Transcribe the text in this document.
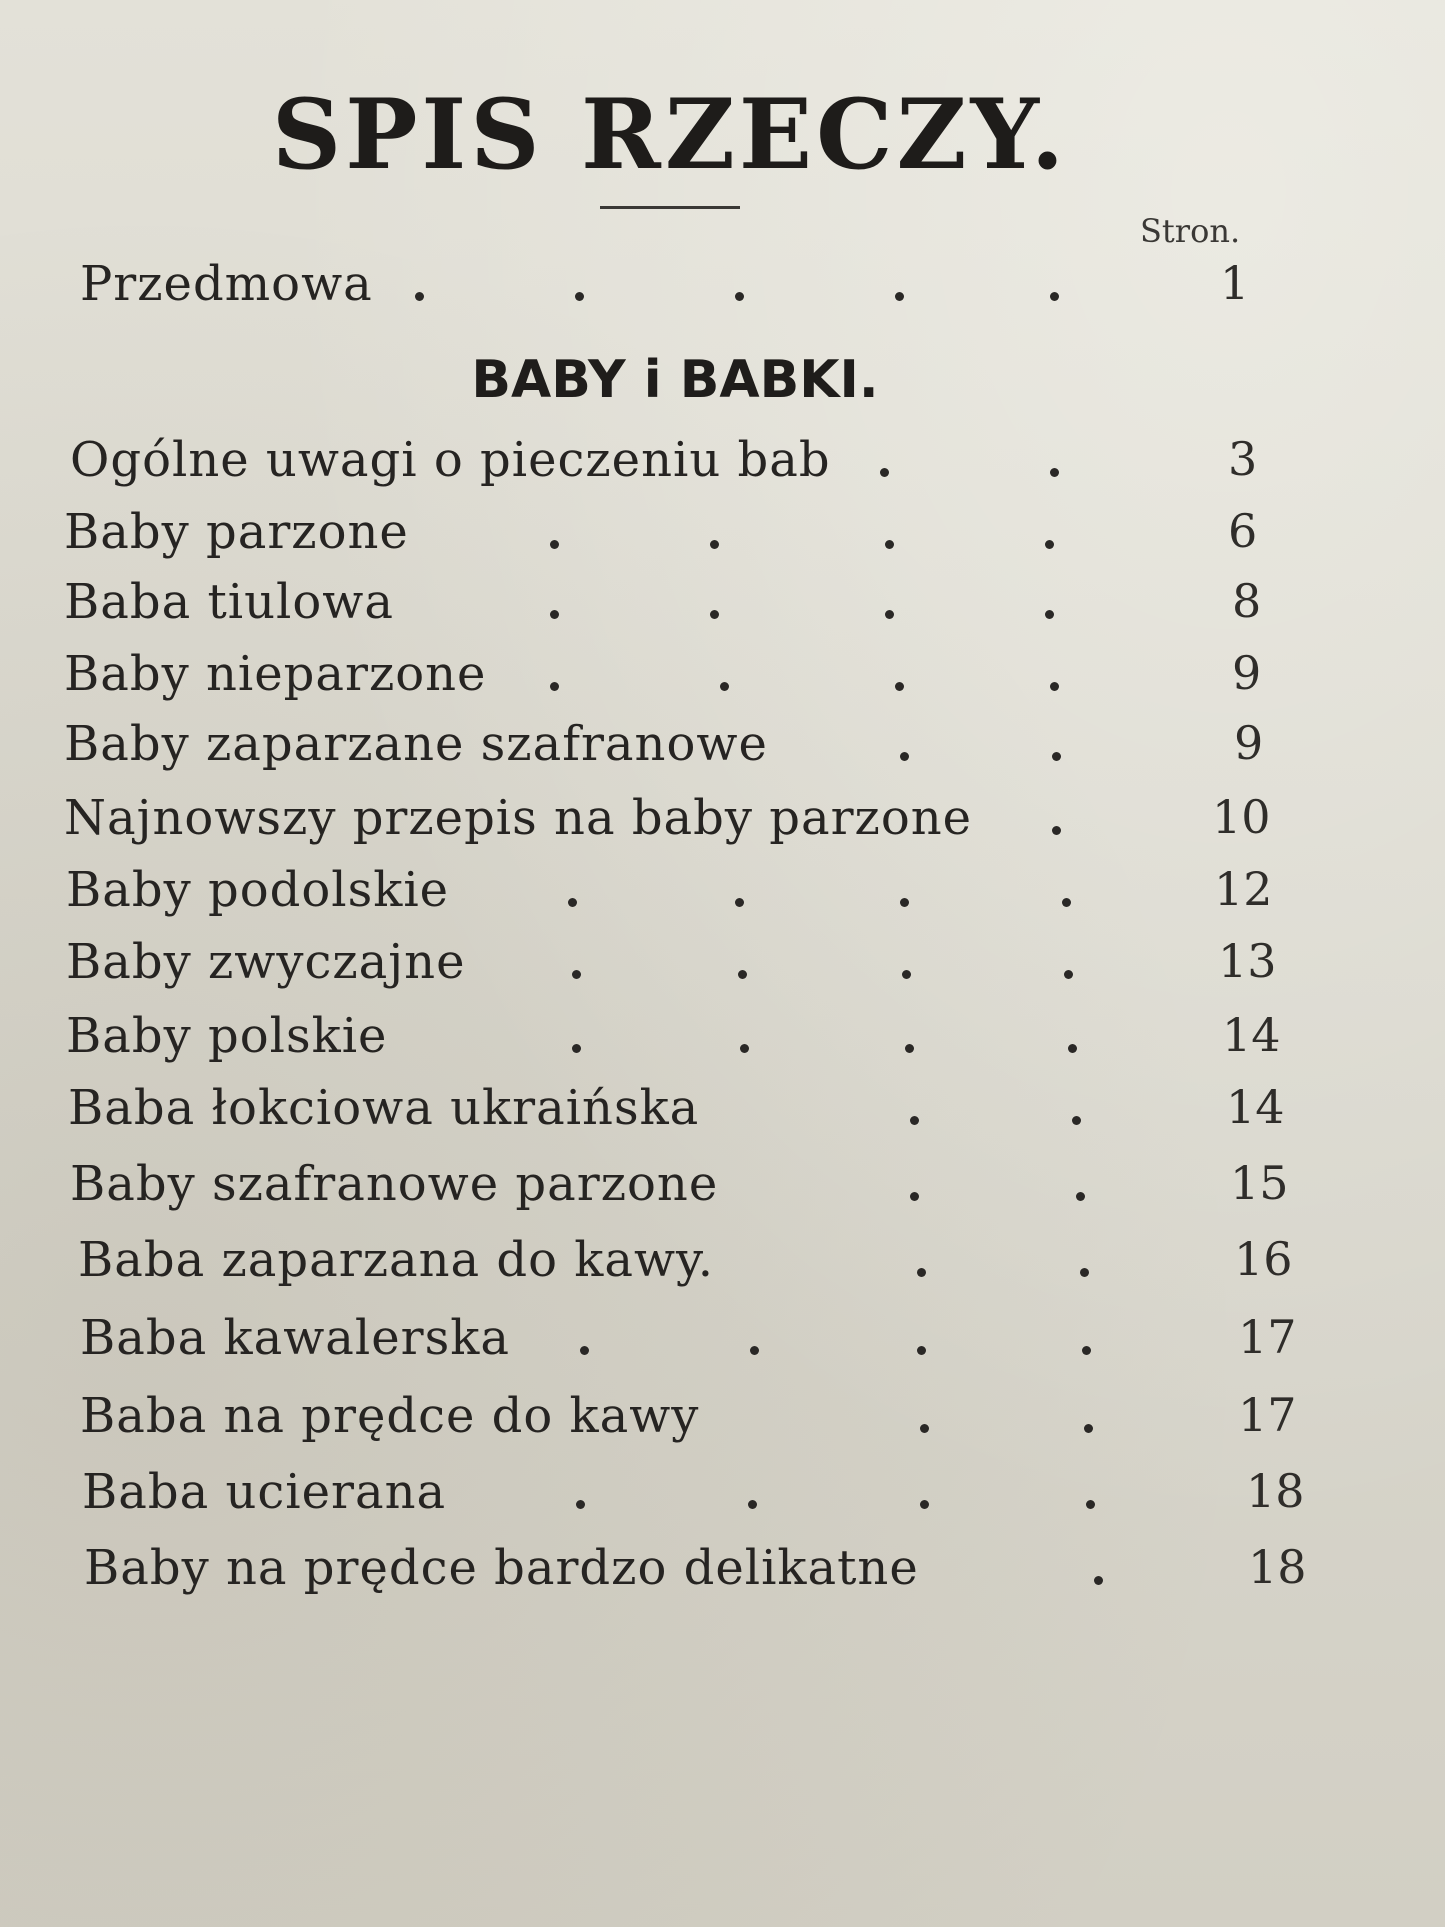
SPIS RZECZY.
Stron.
Przedmowa	1
BABY i BABKI.
Ogólne uwagi o pieczeniu bab	3
Baby parzone	6
Baba tiulowa	8
Baby nieparzone	9
Baby zaparzane szafranowe	9
Najnowszy przepis na baby parzone	10
Baby podolskie	12
Baby zwyczajne	13
Baby polskie	14
Baba łokciowa ukraińska	14
Baby szafranowe parzone	15
Baba zaparzana do kawy.	16
Baba kawalerska	17
Baba na prędce do kawy	17
Baba ucierana	18
Baby na prędce bardzo delikatne	18
